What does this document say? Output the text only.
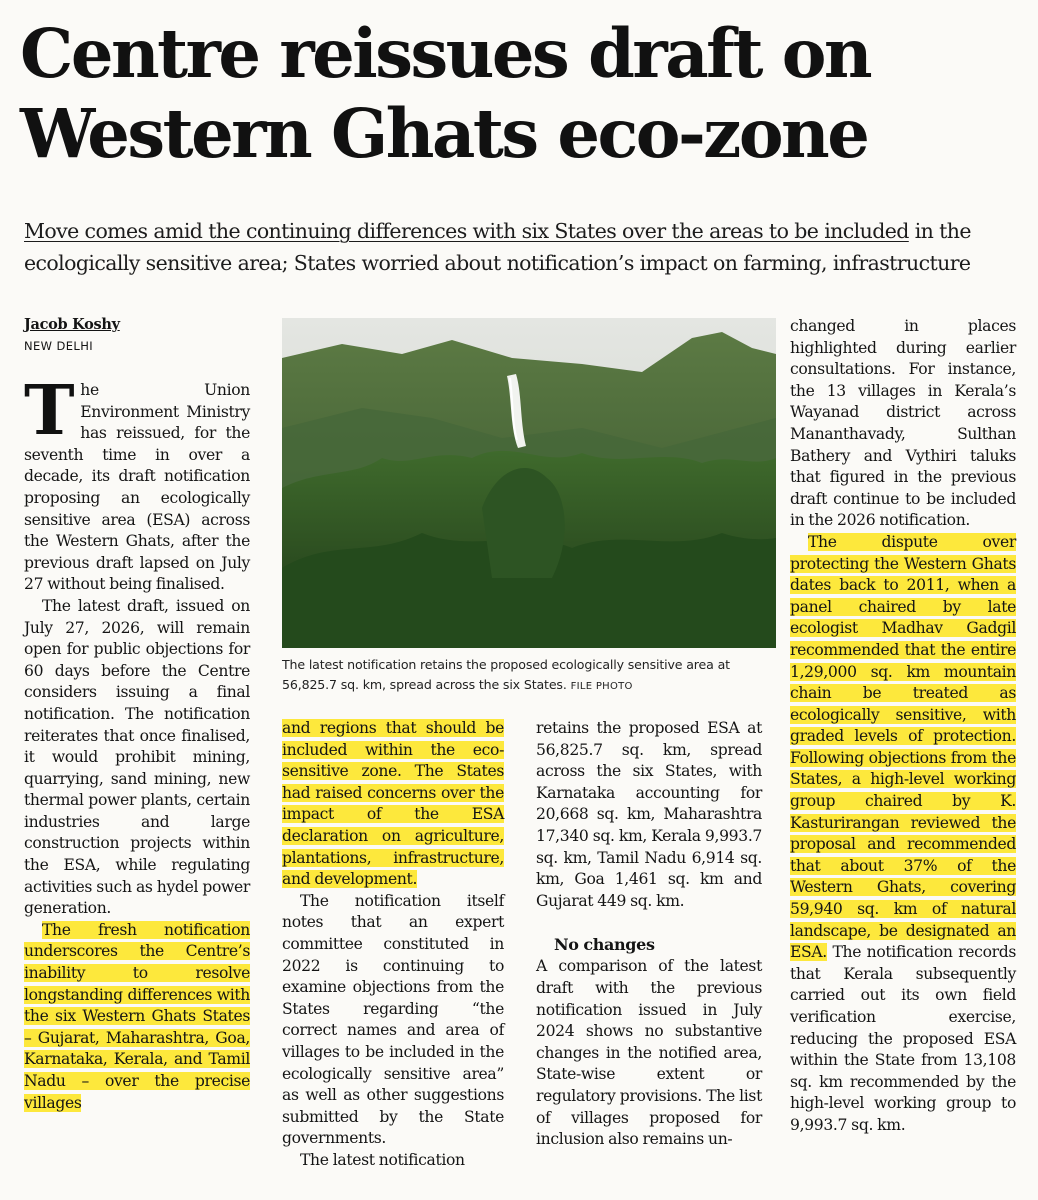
Centre reissues draft on
Western Ghats eco-zone

Move comes amid the continuing differences with six States over the areas to be included in the ecologically sensitive area; States worried about notification’s impact on farming, infrastructure

Jacob Koshy
NEW DELHI

The Union Environment Ministry has reissued, for the seventh time in over a decade, its draft notification proposing an ecologically sensitive area (ESA) across the Western Ghats, after the previous draft lapsed on July 27 without being finalised.

The latest draft, issued on July 27, 2026, will remain open for public objections for 60 days before the Centre considers issuing a final notification. The notification reiterates that once finalised, it would prohibit mining, quarrying, sand mining, new thermal power plants, certain industries and large construction projects within the ESA, while regulating activities such as hydel power generation.

The fresh notification underscores the Centre’s inability to resolve longstanding differences with the six Western Ghats States – Gujarat, Maharashtra, Goa, Karnataka, Kerala, and Tamil Nadu – over the precise villages

The latest notification retains the proposed ecologically sensitive area at 56,825.7 sq. km, spread across the six States. FILE PHOTO

and regions that should be included within the eco-sensitive zone. The States had raised concerns over the impact of the ESA declaration on agriculture, plantations, infrastructure, and development.

The notification itself notes that an expert committee constituted in 2022 is continuing to examine objections from the States regarding “the correct names and area of villages to be included in the ecologically sensitive area” as well as other suggestions submitted by the State governments.

The latest notification

retains the proposed ESA at 56,825.7 sq. km, spread across the six States, with Karnataka accounting for 20,668 sq. km, Maharashtra 17,340 sq. km, Kerala 9,993.7 sq. km, Tamil Nadu 6,914 sq. km, Goa 1,461 sq. km and Gujarat 449 sq. km.

No changes

A comparison of the latest draft with the previous notification issued in July 2024 shows no substantive changes in the notified area, State-wise extent or regulatory provisions. The list of villages proposed for inclusion also remains un-

changed in places highlighted during earlier consultations. For instance, the 13 villages in Kerala’s Wayanad district across Mananthavady, Sulthan Bathery and Vythiri taluks that figured in the previous draft continue to be included in the 2026 notification.

The dispute over protecting the Western Ghats dates back to 2011, when a panel chaired by late ecologist Madhav Gadgil recommended that the entire 1,29,000 sq. km mountain chain be treated as ecologically sensitive, with graded levels of protection. Following objections from the States, a high-level working group chaired by K. Kasturirangan reviewed the proposal and recommended that about 37% of the Western Ghats, covering 59,940 sq. km of natural landscape, be designated an ESA. The notification records that Kerala subsequently carried out its own field verification exercise, reducing the proposed ESA within the State from 13,108 sq. km recommended by the high-level working group to 9,993.7 sq. km.
